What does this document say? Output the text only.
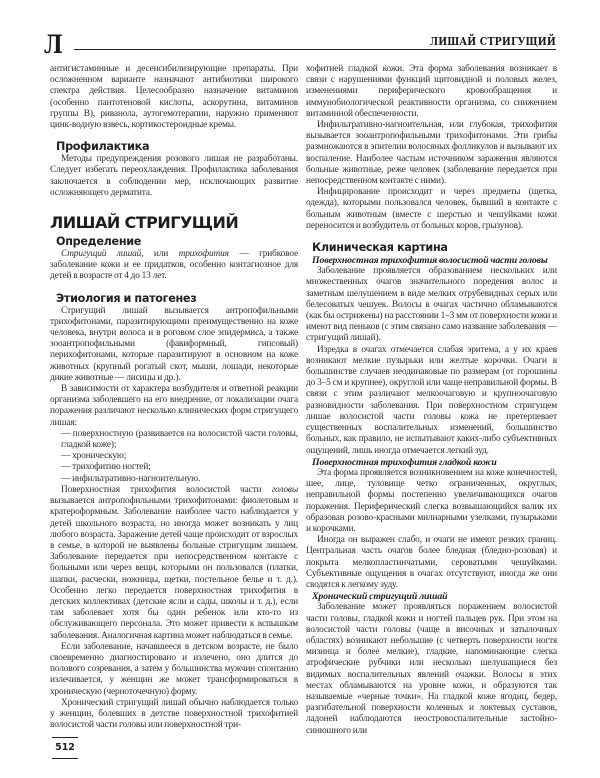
Л	ЛИШАЙ СТРИГУЩИЙ

антигистаминные и десенсибилизирующие препараты. При осложненном варианте назначают антибиотики широкого спектра действия. Целесообразно назначение витаминов (особенно пантотеновой кислоты, аскорутина, витаминов группы В), риванола, аутогемотерапии, наружно применяют цинк-водную взвесь, кортикостероидные кремы.

Профилактика

Методы предупреждения розового лишая не разработаны. Следует избегать переохлаждения. Профилактика заболевания заключается в соблюдении мер, исключающих развитие осложняющего дерматита.

ЛИШАЙ СТРИГУЩИЙ
Определение

Стригущий лишай, или трихофития — грибковое заболевание кожи и ее придатков, особенно контагиозное для детей в возрасте от 4 до 13 лет.

Этиология и патогенез

Стригущий лишай вызывается антропофильными трихофитонами, паразитирующими преимущественно на коже человека, внутри волоса и в роговом слое эпидермиса, а также зооантропофильными (фавиформный, гипсовый) перихофитонами, которые паразитируют в основном на коже животных (крупный рогатый скот, мыши, лошади, некоторые дикие животные — лисицы и др.).

В зависимости от характера возбудителя и ответной реакции организма заболевшего на его внедрение, от локализации очага поражения различают несколько клинических форм стригущего лишая:

— поверхностную (развивается на волосистой части головы, гладкой коже);

— хроническую;

— трихофитию ногтей;

— инфильтративно-нагноительную.

Поверхностная трихофития волосистой части головы вызывается антропофильными трихофитонами: фиолетовым и кратероформным. Заболевание наиболее часто наблюдается у детей школьного возраста, но иногда может возникать у лиц любого возраста. Заражение детей чаще происходит от взрослых в семье, в которой не выявлены больные стригущим лишаем. Заболевание передается при непосредственном контакте с больными или через вещи, которыми он пользовался (платки, шапки, расчески, ножницы, щетки, постельное белье и т. д.). Особенно легко передается поверхностная трихофития в детских коллективах (детские ясли и сады, школы и т. д.), если там заболевает хотя бы один ребенок или кто-то из обслуживающего персонала. Это может привести к вспышкам заболевания. Аналогичная картина может наблюдаться в семье.

Если заболевание, начавшееся в детском возрасте, не было своевременно диагностировано и излечено, оно длится до полового созревания, а затем у большинства мужчин спонтанно излечивается, у женщин же может трансформироваться в хроническую (черноточечную) форму.

Хронический стригущий лишай обычно наблюдается только у женщин, болевших в детстве поверхностной трихофитией волосистой части головы или поверхностной три-

хофитией гладкой кожи. Эта форма заболевания возникает в связи с нарушениями функций щитовидной и половых желез, изменениями периферического кровообращения и иммунобиологической реактивности организма, со снижением витаминной обеспеченности.

Инфильтративно-нагноительная, или глубокая, трихофития вызывается зооантропофильными трихофитонами. Эти грибы размножаются в эпителии волосяных фолликулов и вызывают их воспаление. Наиболее частым источником заражения являются больные животные, реже человек (заболевание передается при непосредственном контакте с ними).

Инфицирование происходит и через предметы (щетка, одежда), которыми пользовался человек, бывший в контакте с больным животным (вместе с шерстью и чешуйками кожи переносится и возбудитель от больных коров, грызунов).

Клиническая картина
Поверхностная трихофития волосистой части головы

Заболевание проявляется образованием нескольких или множественных очагов значительного поредения волос и заметным шелушением в виде мелких отрубевидных серых или белесоватых чешуек. Волосы в очагах частично обламываются (как бы острижены) на расстоянии 1–3 мм от поверхности кожи и имеют вид пеньков (с этим связано само название заболевания — стригущий лишай).

Изредка в очагах отмечается слабая эритема, а у их краев возникают мелкие пузырьки или желтые корочки. Очаги в большинстве случаев неодинаковые по размерам (от горошины до 3–5 см и крупнее), округлой или чаще неправильной формы. В связи с этим различают мелкоочаговую и крупноочаговую разновидности заболевания. При поверхностном стригущем лишае волосистой части головы кожа не претерпевает существенных воспалительных изменений, большинство больных, как правило, не испытывают каких-либо субъективных ощущений, лишь иногда отмечается легкий зуд.

Поверхностная трихофития гладкой кожи

Эта форма проявляется возникновением на коже конечностей, шее, лице, туловище четко ограниченных, округлых, неправильной формы постепенно увеличивающихся очагов поражения. Периферический слегка возвышающийся валик их образован розово-красными милиарными узелками, пузырьками и корочками.

Иногда он выражен слабо, и очаги не имеют резких границ. Центральная часть очагов более бледная (бледно-розовая) и покрыта мелкопластинчатыми, сероватыми чешуйками. Субъективные ощущения в очагах отсутствуют, иногда же они сводятся к легкому зуду.

Хронический стригущий лишай

Заболевание может проявляться поражением волосистой части головы, гладкой кожи и ногтей пальцев рук. При этом на волосистой части головы (чаще в височных и затылочных областях) возникают небольшие (с четверть поверхности ногтя мизинца и более мелкие), гладкие, напоминающие слегка атрофические рубчики или несколько шелушащиеся без видимых воспалительных явлений очажки. Волосы в этих местах обламываются на уровне кожи, и образуются так называемые «черные точки». На гладкой коже ягодиц, бедер, разгибательной поверхности коленных и локтевых суставов, ладоней наблюдаются неостровоспалительные застойно-синюшного или

512
